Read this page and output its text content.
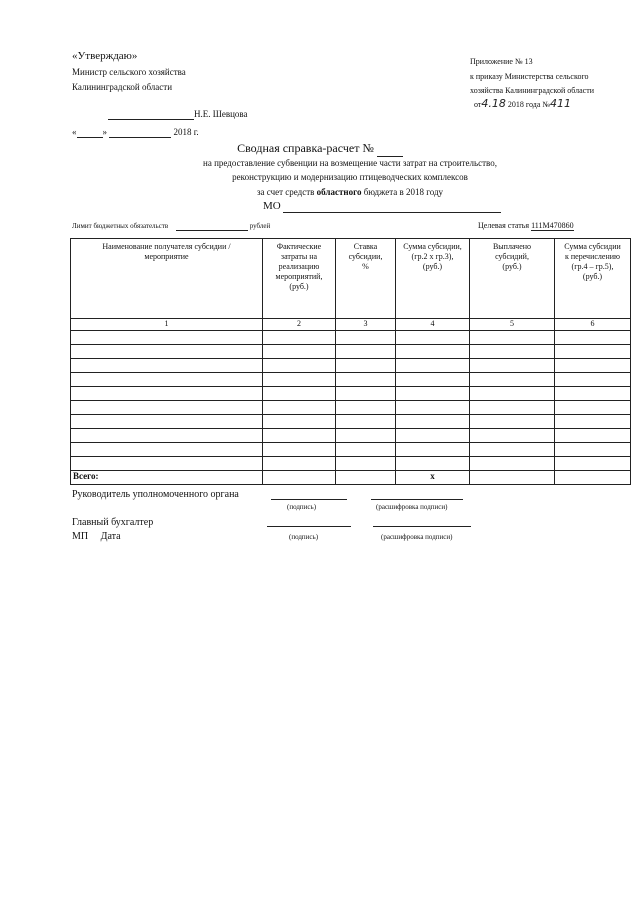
«Утверждаю»
Министр сельского хозяйства
Калининградской области
Н.Е. Шевцова
«	»	2018 г.
Приложение № 13
к приказу Министерства сельского
хозяйства Калининградской области
от4.18 2018 года №411
Сводная справка-расчет №
на предоставление субвенции на возмещение части затрат на строительство,
реконструкцию и модернизацию птицеводческих комплексов
за счет средств областного бюджета в 2018 году
МО
Лимит бюджетных обязательств	рублей	Целевая статья 111М470860
Наименование получателя субсидии /
мероприятие	Фактические
затраты на
реализацию
мероприятий,
(руб.)	Ставка
субсидии,
%	Сумма субсидии,
(гр.2 х гр.3),
(руб.)	Выплачено
субсидий,
(руб.)	Сумма субсидии
к перечислению
(гр.4 – гр.5),
(руб.)
1	2	3	4	5	6

Всего:			х		
Руководитель уполномоченного органа
(подпись)	(расшифровка подписи)
Главный бухгалтер
МП Дата	(подпись)	(расшифровка подписи)
